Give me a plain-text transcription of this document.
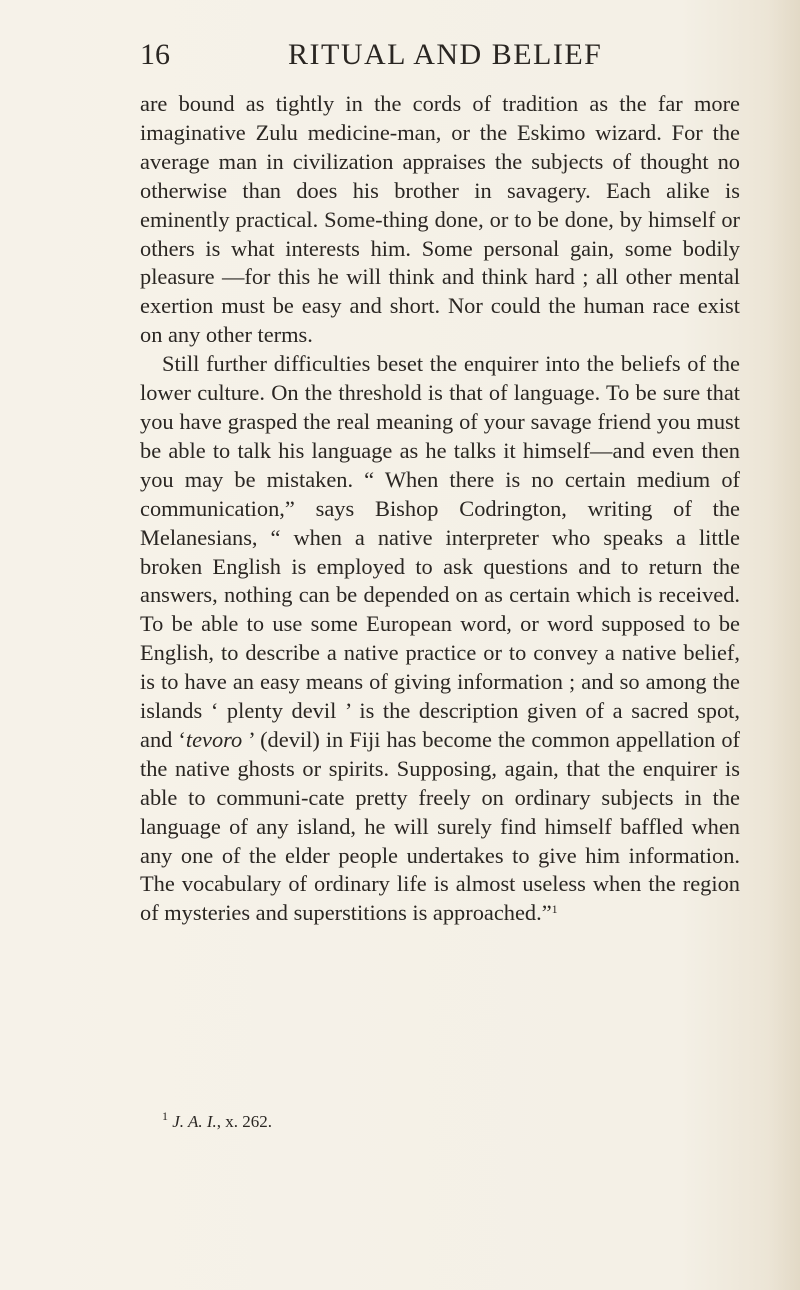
16	RITUAL AND BELIEF

are bound as tightly in the cords of tradition as the far more imaginative Zulu medicine-man, or the Eskimo wizard. For the average man in civilization appraises the subjects of thought no otherwise than does his brother in savagery. Each alike is eminently practical. Some-thing done, or to be done, by himself or others is what interests him. Some personal gain, some bodily pleasure —for this he will think and think hard ; all other mental exertion must be easy and short. Nor could the human race exist on any other terms.

Still further difficulties beset the enquirer into the beliefs of the lower culture. On the threshold is that of language. To be sure that you have grasped the real meaning of your savage friend you must be able to talk his language as he talks it himself—and even then you may be mistaken. “ When there is no certain medium of communication,” says Bishop Codrington, writing of the Melanesians, “ when a native interpreter who speaks a little broken English is employed to ask questions and to return the answers, nothing can be depended on as certain which is received. To be able to use some European word, or word supposed to be English, to describe a native practice or to convey a native belief, is to have an easy means of giving information ; and so among the islands ‘ plenty devil ’ is the description given of a sacred spot, and ‘tevoro ’ (devil) in Fiji has become the common appellation of the native ghosts or spirits. Supposing, again, that the enquirer is able to communi-cate pretty freely on ordinary subjects in the language of any island, he will surely find himself baffled when any one of the elder people undertakes to give him information. The vocabulary of ordinary life is almost useless when the region of mysteries and superstitions is approached.”$^1$

$^1$ J. A. I., x. 262.
